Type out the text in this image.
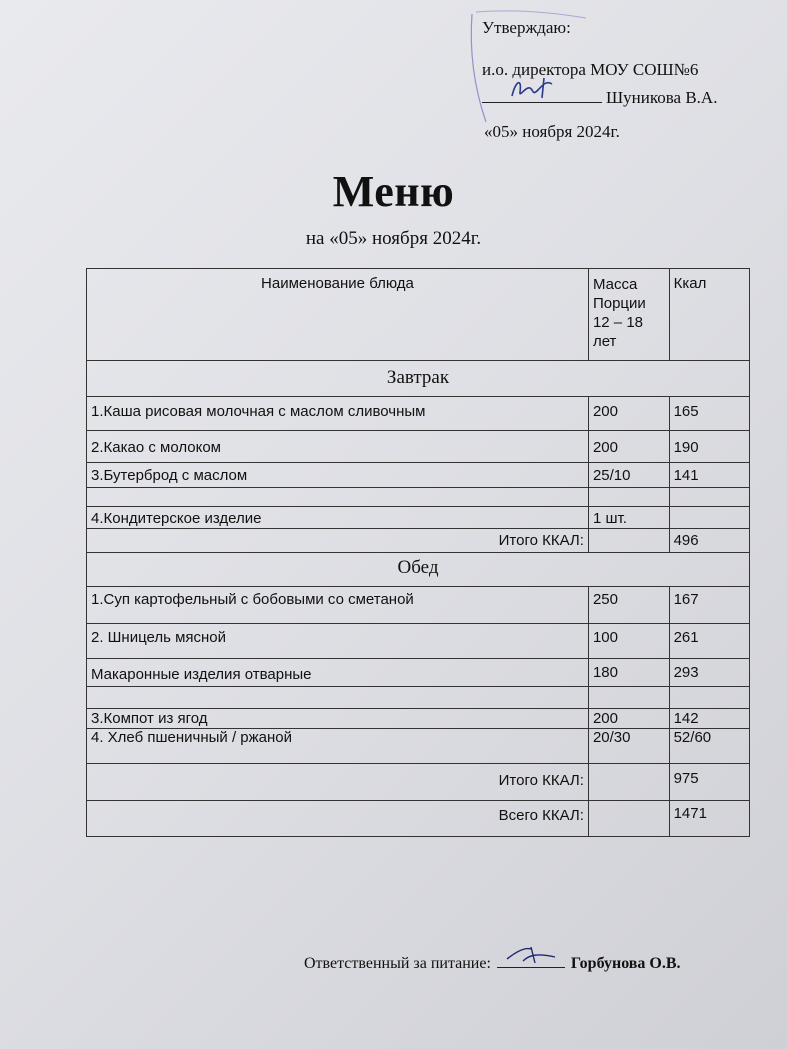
Утверждаю:
и.о. директора МОУ СОШ№6
Шуникова В.А.
«05» ноября 2024г.
Меню
на «05» ноября 2024г.
Наименование блюда	Масса Порции 12 – 18 лет	Ккал
Завтрак		
1.Каша рисовая молочная с маслом сливочным	200	165
2.Какао с молоком	200	190
3.Бутерброд с маслом	25/10	141

4.Кондитерское изделие	1 шт.	
Итого ККАЛ:		496
Обед		
1.Суп картофельный с бобовыми со сметаной	250	167
2. Шницель мясной	100	261
Макаронные изделия отварные	180	293

3.Компот из ягод	200	142
4. Хлеб пшеничный / ржаной	20/30	52/60
Итого ККАЛ:		975
Всего ККАЛ:		1471
Ответственный за питание:	Горбунова О.В.
